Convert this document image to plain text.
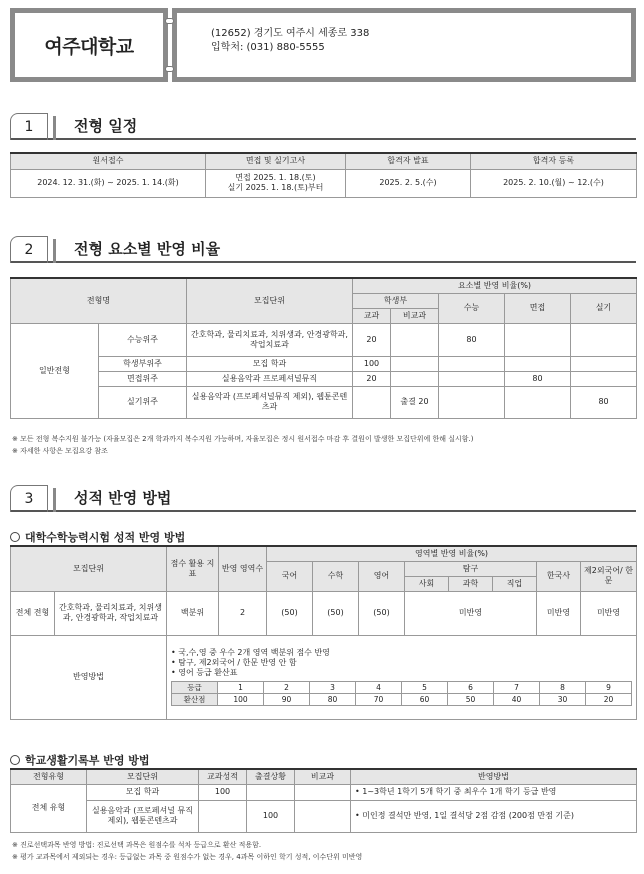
여주대학교
(12652) 경기도 여주시 세종로 338
입학처: (031) 880-5555
1	전형 일정
원서접수	면접 및 실기고사	합격자 발표	합격자 등록
2024. 12. 31.(화) ~ 2025. 1. 14.(화)	면접 2025. 1. 18.(토)
실기 2025. 1. 18.(토)부터	2025. 2. 5.(수)	2025. 2. 10.(월) ~ 12.(수)
2	전형 요소별 반영 비율
전형명		모집단위	요소별 반영 비율(%)				
			학생부		수능	면접	실기
			교과	비교과			
일반전형	수능위주	간호학과, 물리치료과, 치위생과, 안경광학과, 작업치료과	20		80		
	학생부위주	모집 학과	100				
	면접위주	실용음악과 프로페셔널뮤직	20			80	
	실기위주	실용음악과 (프로페셔널뮤직 제외), 웹툰콘텐츠과		출결 20			80
※ 모든 전형 복수지원 불가능 (자율모집은 2개 학과까지 복수지원 가능하며, 자율모집은 정시 원서접수 마감 후 결원이 발생한 모집단위에 한해 실시함.)
※ 자세한 사항은 모집요강 참조
3	성적 반영 방법
대학수학능력시험 성적 반영 방법
모집단위	점수 활용 지표	반영 영역수	영역별 반영 비율(%)
국어	수학	영어	탐구	한국사	제2외국어/ 한문
사회	과학	직업
전체 전형	간호학과, 물리치료과, 치위생과, 안경광학과, 작업치료과	백분위	2	(50)	(50)	(50)	미반영	미반영	미반영
반영방법	
• 국,수,영 중 우수 2개 영역 백분위 점수 반영
• 탐구, 제2외국어 / 한문 반영 안 함
• 영어 등급 환산표
등급	1	2	3	4	5	6	7	8	9
환산점	100	90	80	70	60	50	40	30	20
학교생활기록부 반영 방법
전형유형	모집단위	교과성적	출결상황	비교과	반영방법
전체 유형	모집 학과	100			• 1~3학년 1학기 5개 학기 중 최우수 1개 학기 등급 반영
	실용음악과 (프로페셔널 뮤직 제외), 웹툰콘텐츠과		100		• 미인정 결석만 반영, 1일 결석당 2점 감점 (200점 만점 기준)
※ 진로선택과목 반영 방법: 진로선택 과목은 원점수를 석차 등급으로 환산 적용함.
※ 평가 교과목에서 제외되는 경우: 등급없는 과목 중 원점수가 없는 경우, 4과목 이하인 학기 성적, 이수단위 미반영
